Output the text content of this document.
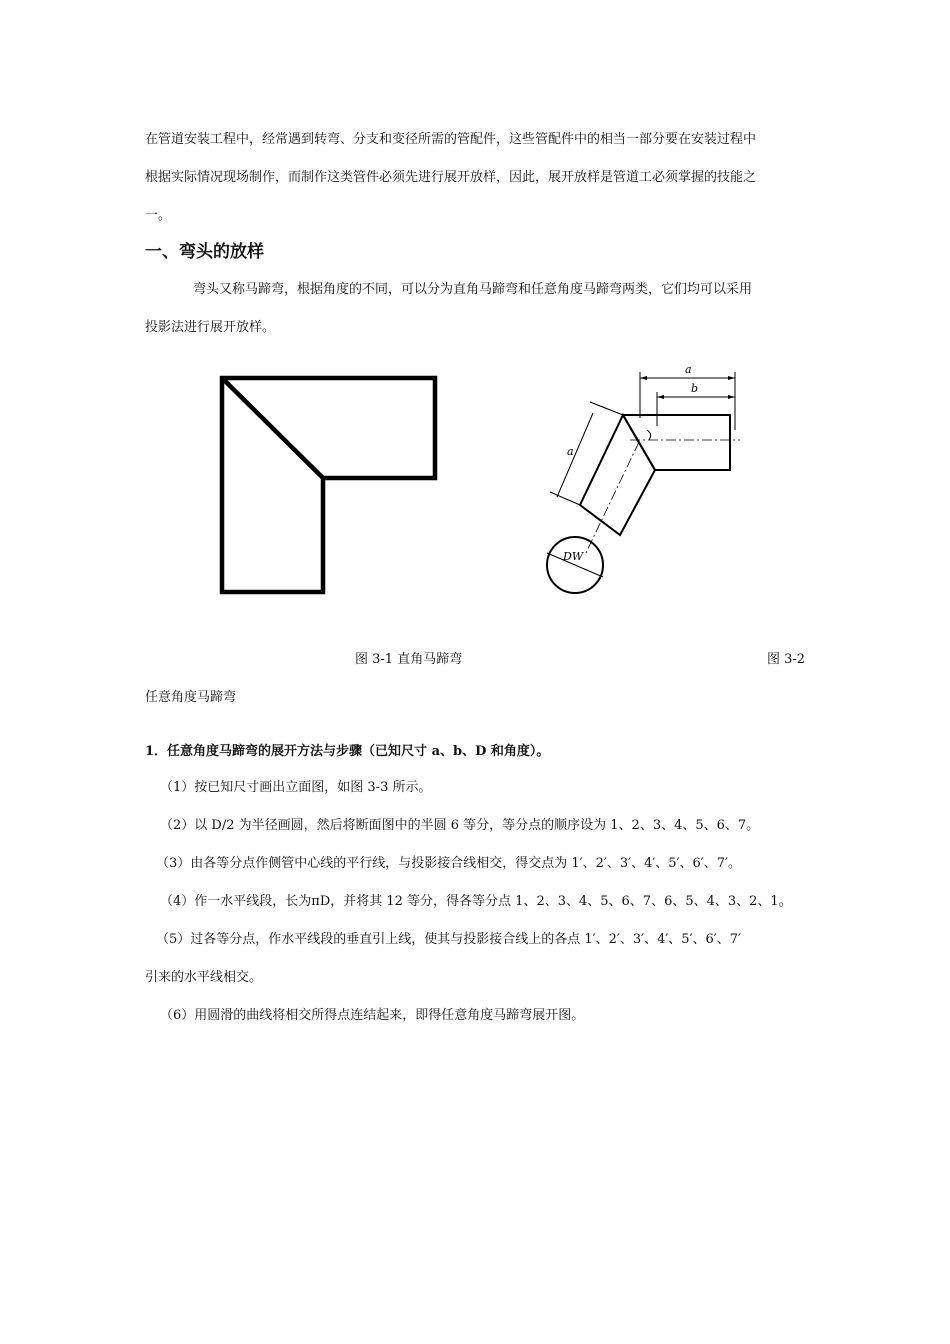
在管道安装工程中，经常遇到转弯、分支和变径所需的管配件，这些管配件中的相当一部分要在安装过程中
根据实际情况现场制作，而制作这类管件必须先进行展开放样，因此，展开放样是管道工必须掌握的技能之
一。
一、弯头的放样
弯头又称马蹄弯，根据角度的不同，可以分为直角马蹄弯和任意角度马蹄弯两类，它们均可以采用
投影法进行展开放样。
a
b
a
DW
图 3-1 直角马蹄弯	图 3-2
任意角度马蹄弯
1．任意角度马蹄弯的展开方法与步骤（已知尺寸 a、b、D 和角度）。
（1）按已知尺寸画出立面图，如图 3-3 所示。
（2）以 D/2 为半径画圆，然后将断面图中的半圆 6 等分，等分点的顺序设为 1、2、3、4、5、6、7。
（3）由各等分点作侧管中心线的平行线，与投影接合线相交，得交点为 1′、2′、3′、4′、5′、6′、7′。
（4）作一水平线段，长为πD，并将其 12 等分，得各等分点 1、2、3、4、5、6、7、6、5、4、3、2、1。
（5）过各等分点，作水平线段的垂直引上线，使其与投影接合线上的各点 1′、2′、3′、4′、5′、6′、7′
引来的水平线相交。
（6）用圆滑的曲线将相交所得点连结起来，即得任意角度马蹄弯展开图。
